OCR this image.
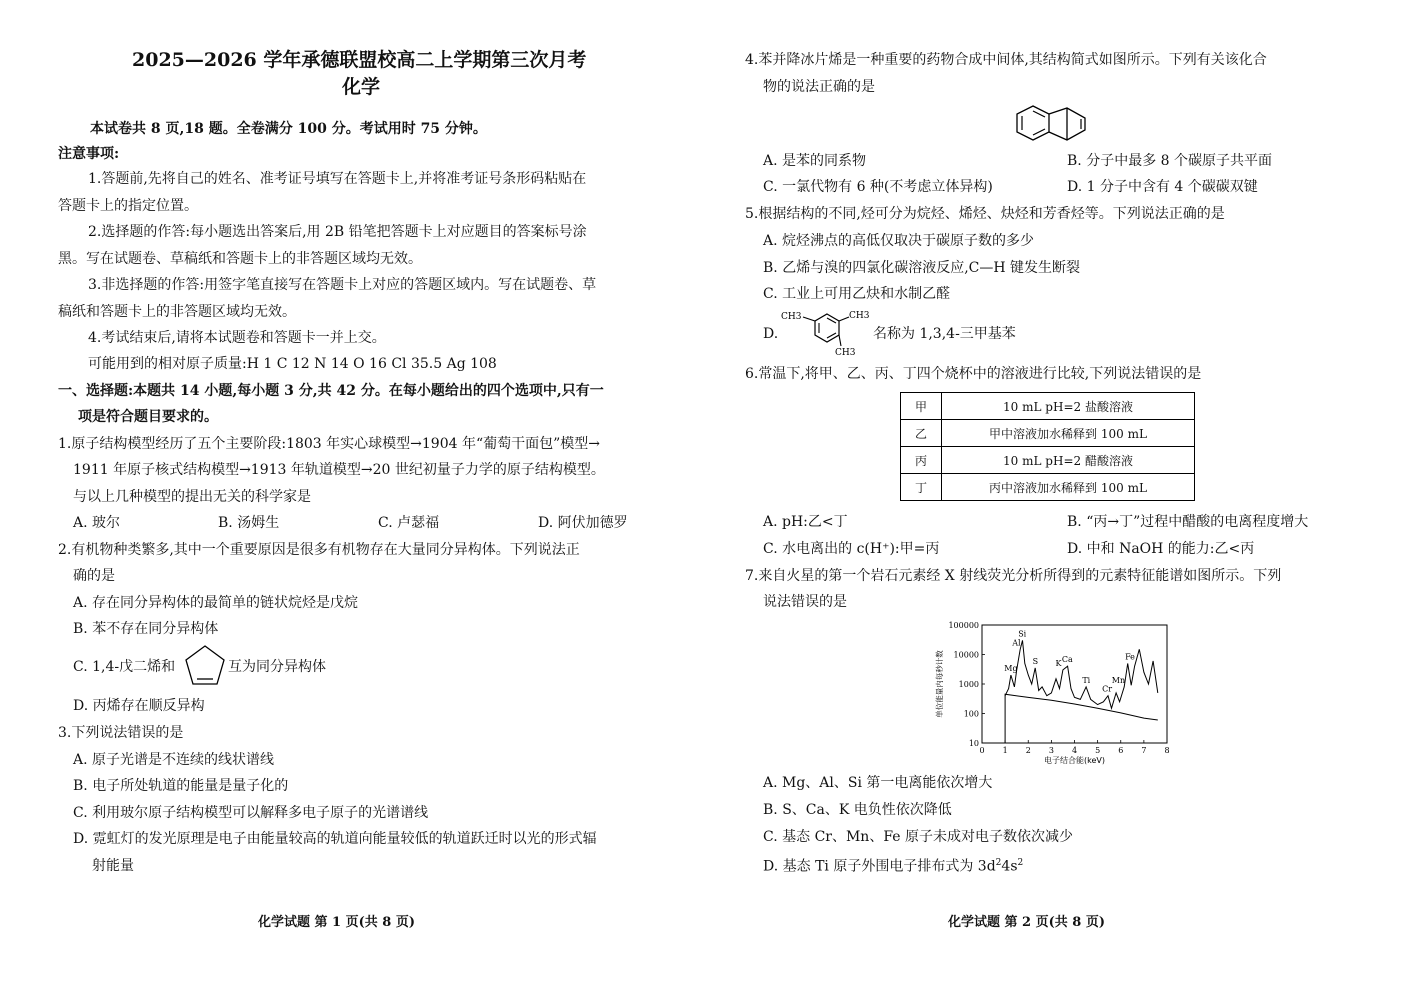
2025—2026 学年承德联盟校高二上学期第三次月考
化学
本试卷共 8 页,18 题。全卷满分 100 分。考试用时 75 分钟。
注意事项:
1.答题前,先将自己的姓名、准考证号填写在答题卡上,并将准考证号条形码粘贴在
答题卡上的指定位置。
2.选择题的作答:每小题选出答案后,用 2B 铅笔把答题卡上对应题目的答案标号涂
黑。写在试题卷、草稿纸和答题卡上的非答题区域均无效。
3.非选择题的作答:用签字笔直接写在答题卡上对应的答题区域内。写在试题卷、草
稿纸和答题卡上的非答题区域均无效。
4.考试结束后,请将本试题卷和答题卡一并上交。
可能用到的相对原子质量:H 1 C 12 N 14 O 16 Cl 35.5 Ag 108
一、选择题:本题共 14 小题,每小题 3 分,共 42 分。在每小题给出的四个选项中,只有一
项是符合题目要求的。
1.原子结构模型经历了五个主要阶段:1803 年实心球模型→1904 年“葡萄干面包”模型→
1911 年原子核式结构模型→1913 年轨道模型→20 世纪初量子力学的原子结构模型。
与以上几种模型的提出无关的科学家是
A. 玻尔	B. 汤姆生	C. 卢瑟福	D. 阿伏加德罗
2.有机物种类繁多,其中一个重要原因是很多有机物存在大量同分异构体。下列说法正
确的是
A. 存在同分异构体的最简单的链状烷烃是戊烷
B. 苯不存在同分异构体
C. 1,4-戊二烯和	互为同分异构体
D. 丙烯存在顺反异构
3.下列说法错误的是
A. 原子光谱是不连续的线状谱线
B. 电子所处轨道的能量是量子化的
C. 利用玻尔原子结构模型可以解释多电子原子的光谱谱线
D. 霓虹灯的发光原理是电子由能量较高的轨道向能量较低的轨道跃迁时以光的形式辐
射能量
化学试题 第 1 页(共 8 页)
4.苯并降冰片烯是一种重要的药物合成中间体,其结构简式如图所示。下列有关该化合
物的说法正确的是
A. 是苯的同系物	B. 分子中最多 8 个碳原子共平面
C. 一氯代物有 6 种(不考虑立体异构)	D. 1 分子中含有 4 个碳碳双键
5.根据结构的不同,烃可分为烷烃、烯烃、炔烃和芳香烃等。下列说法正确的是
A. 烷烃沸点的高低仅取决于碳原子数的多少
B. 乙烯与溴的四氯化碳溶液反应,C—H 键发生断裂
C. 工业上可用乙炔和水制乙醛
D.
CH3	CH3
CH3
名称为 1,3,4-三甲基苯
6.常温下,将甲、乙、丙、丁四个烧杯中的溶液进行比较,下列说法错误的是
甲	10 mL pH=2 盐酸溶液
乙	甲中溶液加水稀释到 100 mL
丙	10 mL pH=2 醋酸溶液
丁	丙中溶液加水稀释到 100 mL
A. pH:乙<丁	B. “丙→丁”过程中醋酸的电离程度增大
C. 水电离出的 c(H⁺):甲=丙	D. 中和 NaOH 的能力:乙<丙
7.来自火星的第一个岩石元素经 X 射线荧光分析所得到的元素特征能谱如图所示。下列
说法错误的是
0 1 2 3 4 5 6 7 8
10
100
1000
10000
100000
电子结合能(keV)
单位能量内每秒计数	Mg
Al
Si
S K Ca
Ti
Cr
Mn
Fe
A. Mg、Al、Si 第一电离能依次增大
B. S、Ca、K 电负性依次降低
C. 基态 Cr、Mn、Fe 原子未成对电子数依次减少
D. 基态 Ti 原子外围电子排布式为 $3d^24s^2$
化学试题 第 2 页(共 8 页)
